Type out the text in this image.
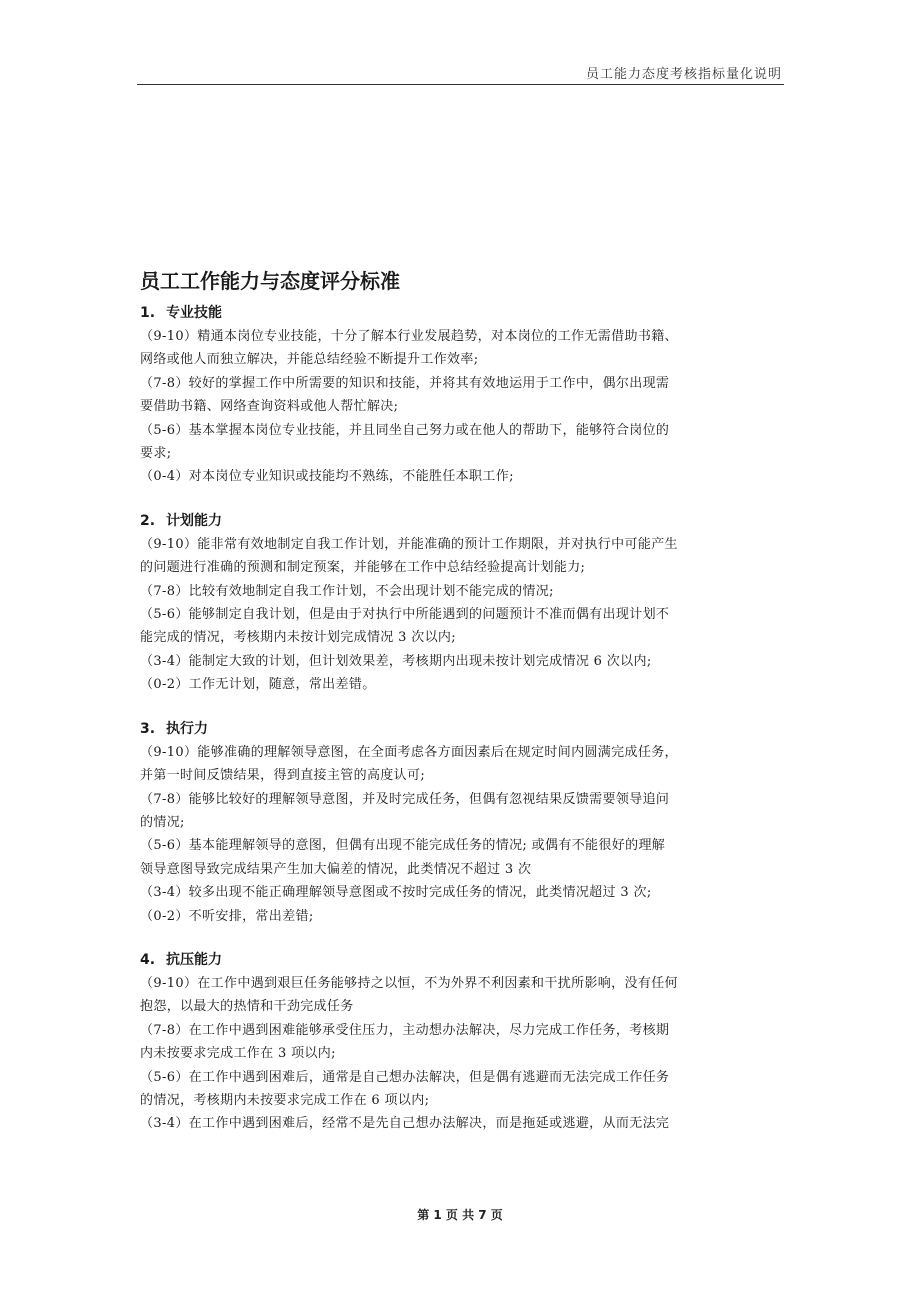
员工能力态度考核指标量化说明
员工工作能力与态度评分标准
1. 专业技能
（9-10）精通本岗位专业技能，十分了解本行业发展趋势，对本岗位的工作无需借助书籍、
网络或他人而独立解决，并能总结经验不断提升工作效率;
（7-8）较好的掌握工作中所需要的知识和技能，并将其有效地运用于工作中，偶尔出现需
要借助书籍、网络查询资料或他人帮忙解决;
（5-6）基本掌握本岗位专业技能，并且同坐自己努力或在他人的帮助下，能够符合岗位的
要求;
（0-4）对本岗位专业知识或技能均不熟练，不能胜任本职工作;
2. 计划能力
（9-10）能非常有效地制定自我工作计划，并能准确的预计工作期限，并对执行中可能产生
的问题进行准确的预测和制定预案，并能够在工作中总结经验提高计划能力;
（7-8）比较有效地制定自我工作计划，不会出现计划不能完成的情况;
（5-6）能够制定自我计划，但是由于对执行中所能遇到的问题预计不准而偶有出现计划不
能完成的情况，考核期内未按计划完成情况 3 次以内;
（3-4）能制定大致的计划，但计划效果差，考核期内出现未按计划完成情况 6 次以内;
（0-2）工作无计划，随意，常出差错。
3. 执行力
（9-10）能够准确的理解领导意图，在全面考虑各方面因素后在规定时间内圆满完成任务，
并第一时间反馈结果，得到直接主管的高度认可;
（7-8）能够比较好的理解领导意图，并及时完成任务，但偶有忽视结果反馈需要领导追问
的情况;
（5-6）基本能理解领导的意图，但偶有出现不能完成任务的情况; 或偶有不能很好的理解
领导意图导致完成结果产生加大偏差的情况，此类情况不超过 3 次
（3-4）较多出现不能正确理解领导意图或不按时完成任务的情况，此类情况超过 3 次;
（0-2）不听安排，常出差错;
4. 抗压能力
（9-10）在工作中遇到艰巨任务能够持之以恒，不为外界不利因素和干扰所影响，没有任何
抱怨，以最大的热情和干劲完成任务
（7-8）在工作中遇到困难能够承受住压力，主动想办法解决，尽力完成工作任务，考核期
内未按要求完成工作在 3 项以内;
（5-6）在工作中遇到困难后，通常是自己想办法解决，但是偶有逃避而无法完成工作任务
的情况，考核期内未按要求完成工作在 6 项以内;
（3-4）在工作中遇到困难后，经常不是先自己想办法解决，而是拖延或逃避，从而无法完
第 1 页 共 7 页
